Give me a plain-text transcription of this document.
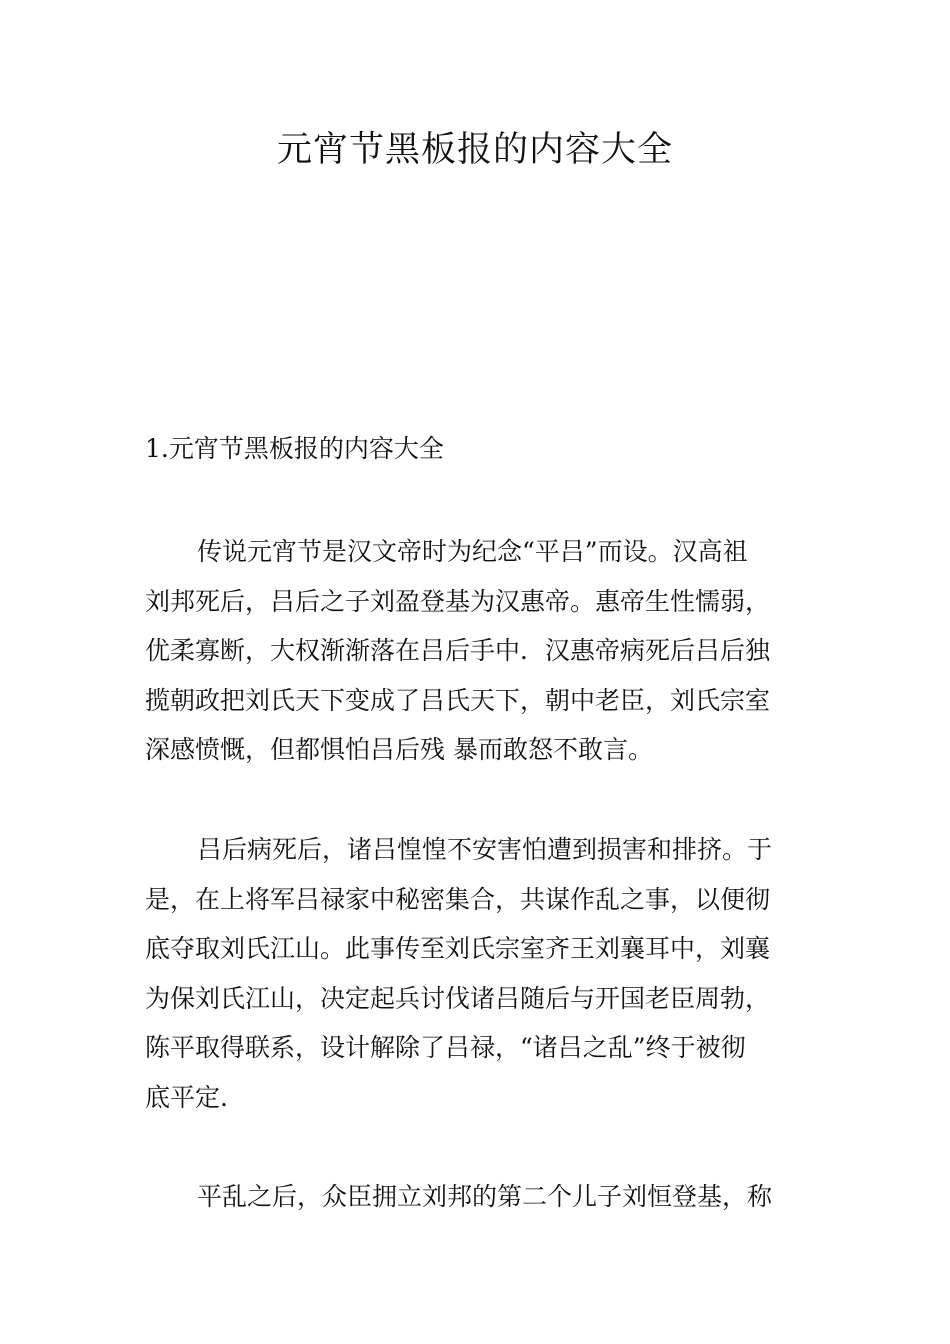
元宵节黑板报的内容大全
1.元宵节黑板报的内容大全

传说元宵节是汉文帝时为纪念“平吕”而设。汉高祖
刘邦死后，吕后之子刘盈登基为汉惠帝。惠帝生性懦弱，
优柔寡断，大权渐渐落在吕后手中．汉惠帝病死后吕后独
揽朝政把刘氏天下变成了吕氏天下，朝中老臣，刘氏宗室
深感愤慨，但都惧怕吕后残 暴而敢怒不敢言。

吕后病死后，诸吕惶惶不安害怕遭到损害和排挤。于
是，在上将军吕禄家中秘密集合，共谋作乱之事，以便彻
底夺取刘氏江山。此事传至刘氏宗室齐王刘襄耳中，刘襄
为保刘氏江山，决定起兵讨伐诸吕随后与开国老臣周勃，
陈平取得联系，设计解除了吕禄，“诸吕之乱”终于被彻
底平定.

平乱之后，众臣拥立刘邦的第二个儿子刘恒登基，称
